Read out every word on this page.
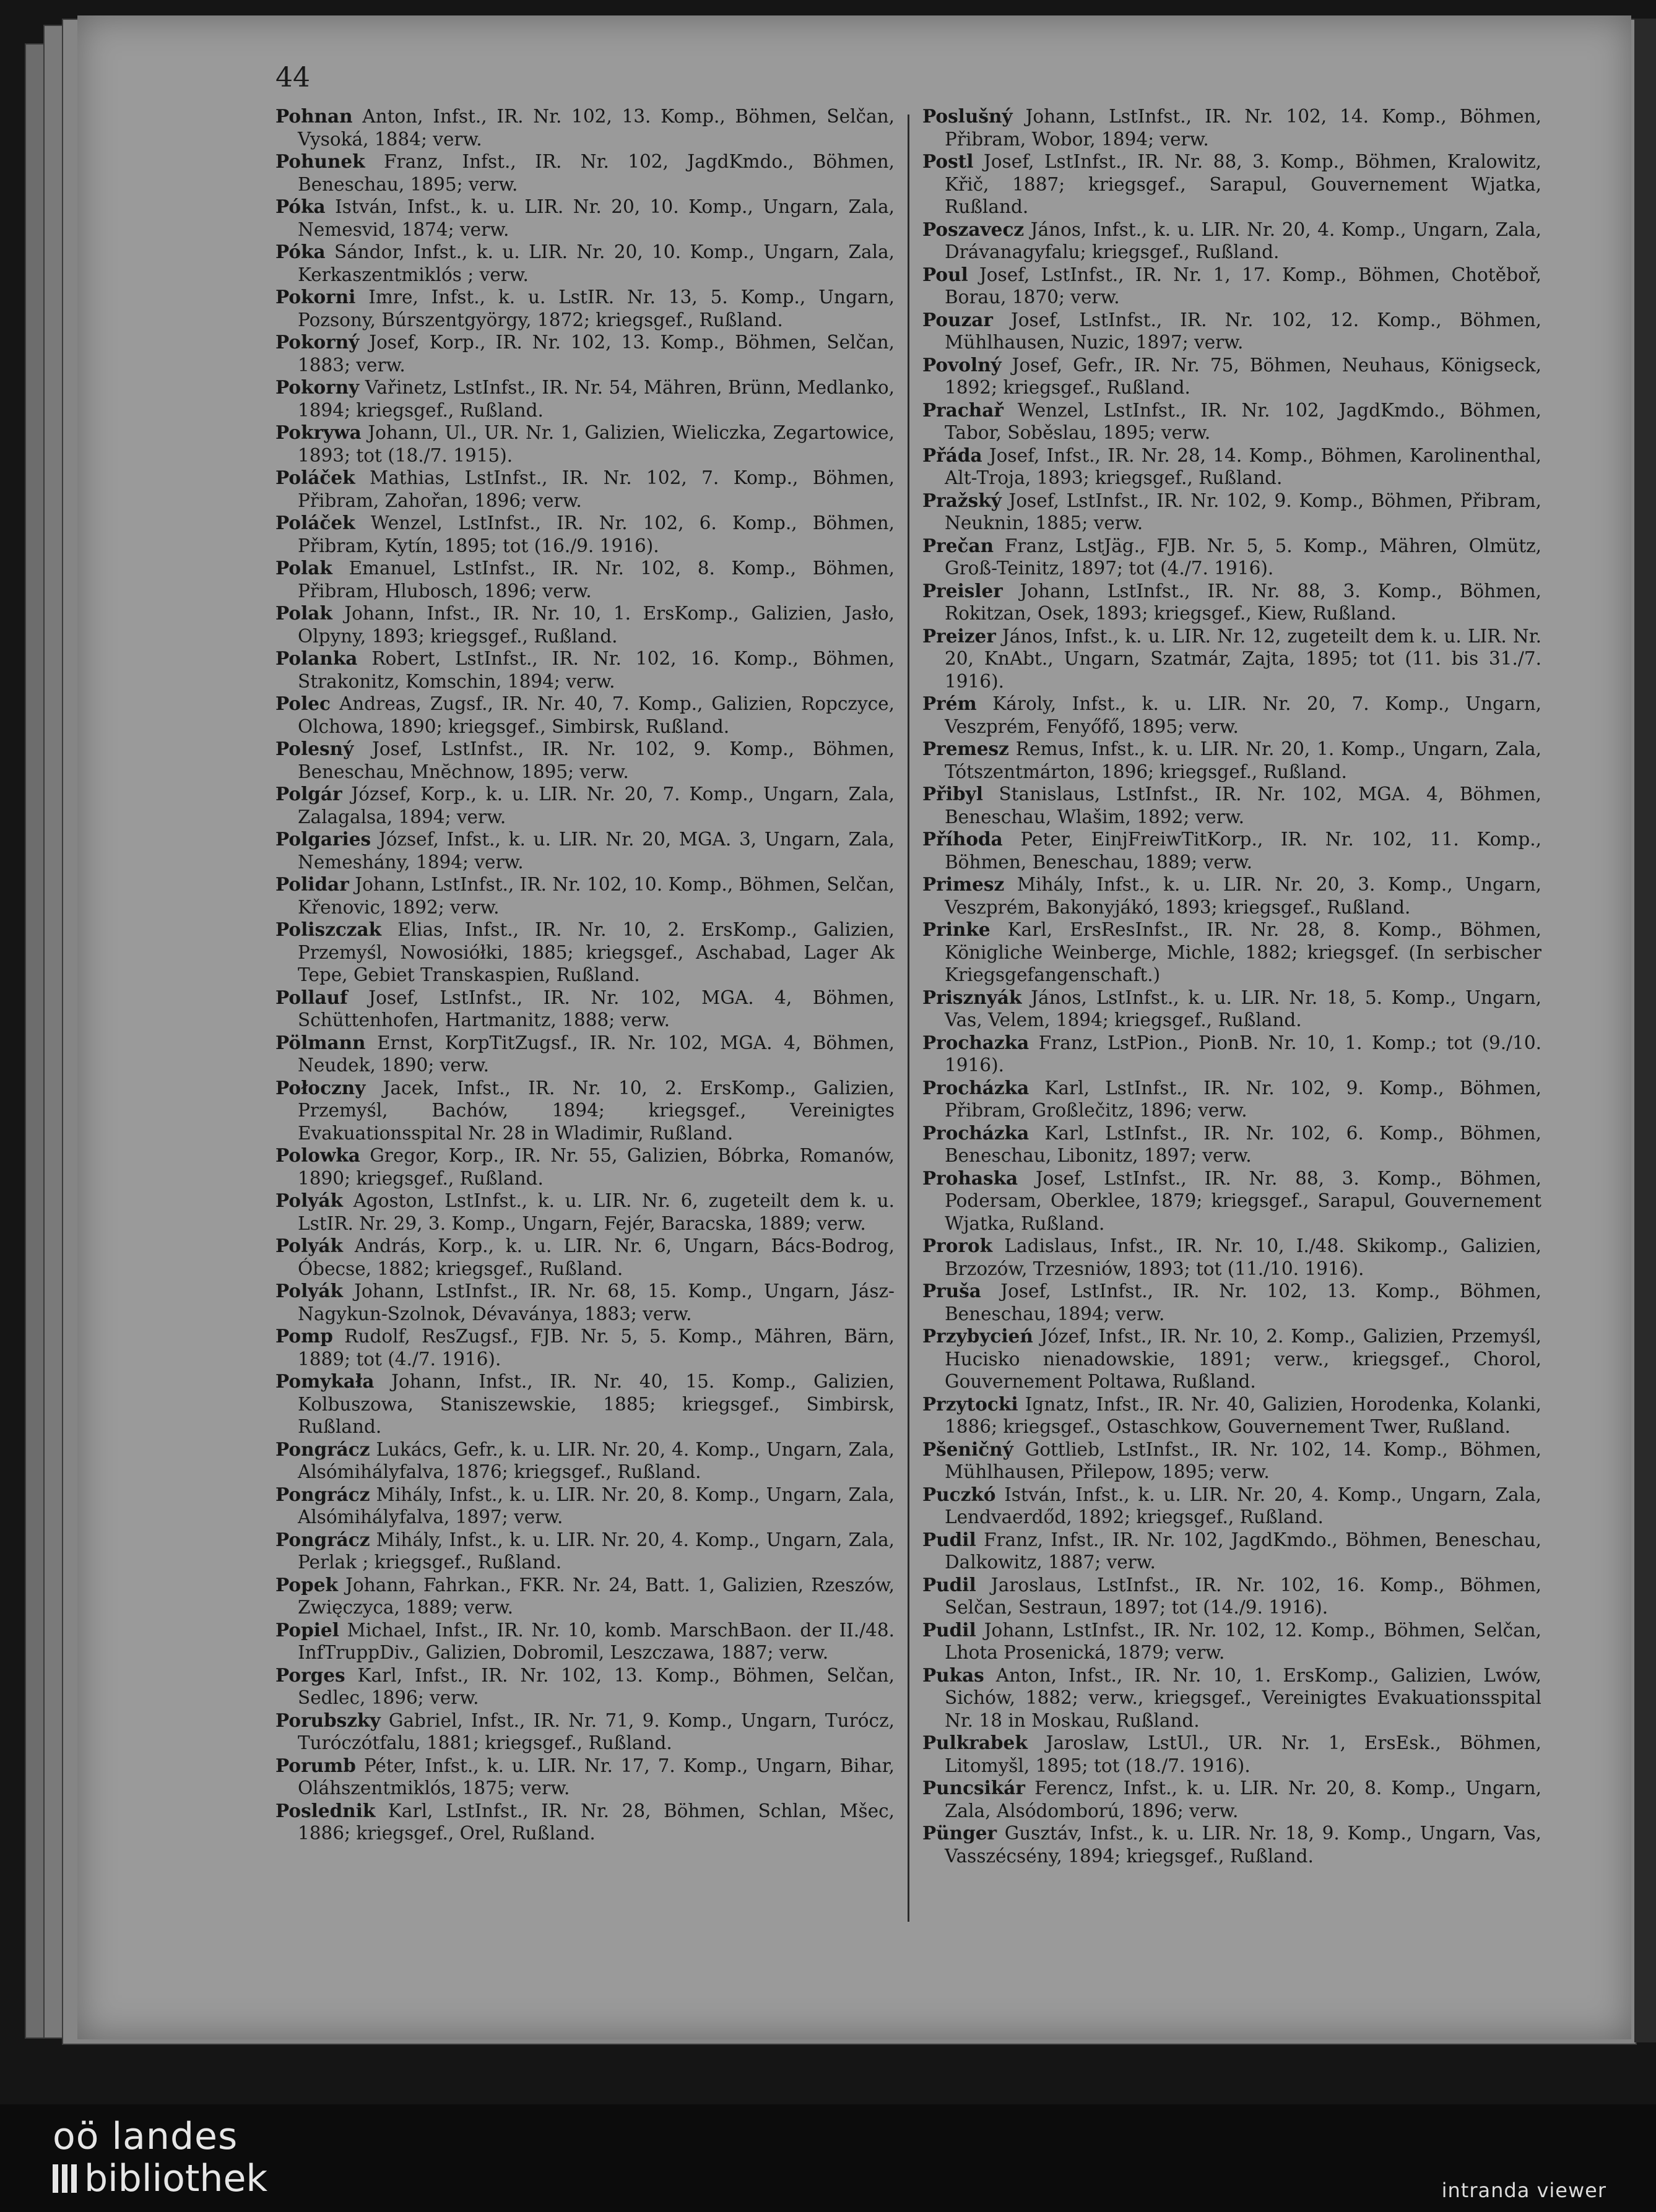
44
Pohnan Anton, Infst., IR. Nr. 102, 13. Komp., Böhmen, Selčan, Vysoká, 1884; verw.
Pohunek Franz, Infst., IR. Nr. 102, JagdKmdo., Böhmen, Beneschau, 1895; verw.
Póka István, Infst., k. u. LIR. Nr. 20, 10. Komp., Ungarn, Zala, Nemesvid, 1874; verw.
Póka Sándor, Infst., k. u. LIR. Nr. 20, 10. Komp., Ungarn, Zala, Kerkaszentmiklós ; verw.
Pokorni Imre, Infst., k. u. LstIR. Nr. 13, 5. Komp., Ungarn, Pozsony, Búrszentgyörgy, 1872; kriegsgef., Rußland.
Pokorný Josef, Korp., IR. Nr. 102, 13. Komp., Böhmen, Selčan, 1883; verw.
Pokorny Vařinetz, LstInfst., IR. Nr. 54, Mähren, Brünn, Medlanko, 1894; kriegsgef., Rußland.
Pokrywa Johann, Ul., UR. Nr. 1, Galizien, Wieliczka, Zegartowice, 1893; tot (18./7. 1915).
Poláček Mathias, LstInfst., IR. Nr. 102, 7. Komp., Böhmen, Přibram, Zahořan, 1896; verw.
Poláček Wenzel, LstInfst., IR. Nr. 102, 6. Komp., Böhmen, Přibram, Kytín, 1895; tot (16./9. 1916).
Polak Emanuel, LstInfst., IR. Nr. 102, 8. Komp., Böhmen, Přibram, Hlubosch, 1896; verw.
Polak Johann, Infst., IR. Nr. 10, 1. ErsKomp., Galizien, Jasło, Olpyny, 1893; kriegsgef., Rußland.
Polanka Robert, LstInfst., IR. Nr. 102, 16. Komp., Böhmen, Strakonitz, Komschin, 1894; verw.
Polec Andreas, Zugsf., IR. Nr. 40, 7. Komp., Galizien, Ropczyce, Olchowa, 1890; kriegsgef., Simbirsk, Rußland.
Polesný Josef, LstInfst., IR. Nr. 102, 9. Komp., Böhmen, Beneschau, Mnĕchnow, 1895; verw.
Polgár József, Korp., k. u. LIR. Nr. 20, 7. Komp., Ungarn, Zala, Zalagalsa, 1894; verw.
Polgaries József, Infst., k. u. LIR. Nr. 20, MGA. 3, Ungarn, Zala, Nemeshány, 1894; verw.
Polidar Johann, LstInfst., IR. Nr. 102, 10. Komp., Böhmen, Selčan, Křenovic, 1892; verw.
Poliszczak Elias, Infst., IR. Nr. 10, 2. ErsKomp., Galizien, Przemyśl, Nowosiółki, 1885; kriegsgef., Aschabad, Lager Ak Tepe, Gebiet Transkaspien, Rußland.
Pollauf Josef, LstInfst., IR. Nr. 102, MGA. 4, Böhmen, Schüttenhofen, Hartmanitz, 1888; verw.
Pölmann Ernst, KorpTitZugsf., IR. Nr. 102, MGA. 4, Böhmen, Neudek, 1890; verw.
Połoczny Jacek, Infst., IR. Nr. 10, 2. ErsKomp., Galizien, Przemyśl, Bachów, 1894; kriegsgef., Vereinigtes Evakuationsspital Nr. 28 in Wladimir, Rußland.
Polowka Gregor, Korp., IR. Nr. 55, Galizien, Bóbrka, Romanów, 1890; kriegsgef., Rußland.
Polyák Agoston, LstInfst., k. u. LIR. Nr. 6, zugeteilt dem k. u. LstIR. Nr. 29, 3. Komp., Ungarn, Fejér, Baracska, 1889; verw.
Polyák András, Korp., k. u. LIR. Nr. 6, Ungarn, Bács-Bodrog, Óbecse, 1882; kriegsgef., Rußland.
Polyák Johann, LstInfst., IR. Nr. 68, 15. Komp., Ungarn, Jász-Nagykun-Szolnok, Dévaványa, 1883; verw.
Pomp Rudolf, ResZugsf., FJB. Nr. 5, 5. Komp., Mähren, Bärn, 1889; tot (4./7. 1916).
Pomykała Johann, Infst., IR. Nr. 40, 15. Komp., Galizien, Kolbuszowa, Staniszewskie, 1885; kriegsgef., Simbirsk, Rußland.
Pongrácz Lukács, Gefr., k. u. LIR. Nr. 20, 4. Komp., Ungarn, Zala, Alsómihályfalva, 1876; kriegsgef., Rußland.
Pongrácz Mihály, Infst., k. u. LIR. Nr. 20, 8. Komp., Ungarn, Zala, Alsómihályfalva, 1897; verw.
Pongrácz Mihály, Infst., k. u. LIR. Nr. 20, 4. Komp., Ungarn, Zala, Perlak ; kriegsgef., Rußland.
Popek Johann, Fahrkan., FKR. Nr. 24, Batt. 1, Galizien, Rzeszów, Zwięczyca, 1889; verw.
Popiel Michael, Infst., IR. Nr. 10, komb. MarschBaon. der II./48. InfTruppDiv., Galizien, Dobromil, Leszczawa, 1887; verw.
Porges Karl, Infst., IR. Nr. 102, 13. Komp., Böhmen, Selčan, Sedlec, 1896; verw.
Porubszky Gabriel, Infst., IR. Nr. 71, 9. Komp., Ungarn, Turócz, Turóczótfalu, 1881; kriegsgef., Rußland.
Porumb Péter, Infst., k. u. LIR. Nr. 17, 7. Komp., Ungarn, Bihar, Oláhszentmiklós, 1875; verw.
Poslednik Karl, LstInfst., IR. Nr. 28, Böhmen, Schlan, Mšec, 1886; kriegsgef., Orel, Rußland.
Poslušný Johann, LstInfst., IR. Nr. 102, 14. Komp., Böhmen, Přibram, Wobor, 1894; verw.
Postl Josef, LstInfst., IR. Nr. 88, 3. Komp., Böhmen, Kralowitz, Křič, 1887; kriegsgef., Sarapul, Gouvernement Wjatka, Rußland.
Poszavecz János, Infst., k. u. LIR. Nr. 20, 4. Komp., Ungarn, Zala, Drávanagyfalu; kriegsgef., Rußland.
Poul Josef, LstInfst., IR. Nr. 1, 17. Komp., Böhmen, Chotěboř, Borau, 1870; verw.
Pouzar Josef, LstInfst., IR. Nr. 102, 12. Komp., Böhmen, Mühlhausen, Nuzic, 1897; verw.
Povolný Josef, Gefr., IR. Nr. 75, Böhmen, Neuhaus, Königseck, 1892; kriegsgef., Rußland.
Prachař Wenzel, LstInfst., IR. Nr. 102, JagdKmdo., Böhmen, Tabor, Soběslau, 1895; verw.
Přáda Josef, Infst., IR. Nr. 28, 14. Komp., Böhmen, Karolinenthal, Alt-Troja, 1893; kriegsgef., Rußland.
Pražský Josef, LstInfst., IR. Nr. 102, 9. Komp., Böhmen, Přibram, Neuknin, 1885; verw.
Prečan Franz, LstJäg., FJB. Nr. 5, 5. Komp., Mähren, Olmütz, Groß-Teinitz, 1897; tot (4./7. 1916).
Preisler Johann, LstInfst., IR. Nr. 88, 3. Komp., Böhmen, Rokitzan, Osek, 1893; kriegsgef., Kiew, Rußland.
Preizer János, Infst., k. u. LIR. Nr. 12, zugeteilt dem k. u. LIR. Nr. 20, KnAbt., Ungarn, Szatmár, Zajta, 1895; tot (11. bis 31./7. 1916).
Prém Károly, Infst., k. u. LIR. Nr. 20, 7. Komp., Ungarn, Veszprém, Fenyőfő, 1895; verw.
Premesz Remus, Infst., k. u. LIR. Nr. 20, 1. Komp., Ungarn, Zala, Tótszentmárton, 1896; kriegsgef., Rußland.
Přibyl Stanislaus, LstInfst., IR. Nr. 102, MGA. 4, Böhmen, Beneschau, Wlašim, 1892; verw.
Příhoda Peter, EinjFreiwTitKorp., IR. Nr. 102, 11. Komp., Böhmen, Beneschau, 1889; verw.
Primesz Mihály, Infst., k. u. LIR. Nr. 20, 3. Komp., Ungarn, Veszprém, Bakonyjákó, 1893; kriegsgef., Rußland.
Prinke Karl, ErsResInfst., IR. Nr. 28, 8. Komp., Böhmen, Königliche Weinberge, Michle, 1882; kriegsgef. (In serbischer Kriegsgefangenschaft.)
Prisznyák János, LstInfst., k. u. LIR. Nr. 18, 5. Komp., Ungarn, Vas, Velem, 1894; kriegsgef., Rußland.
Prochazka Franz, LstPion., PionB. Nr. 10, 1. Komp.; tot (9./10. 1916).
Procházka Karl, LstInfst., IR. Nr. 102, 9. Komp., Böhmen, Přibram, Großlečitz, 1896; verw.
Procházka Karl, LstInfst., IR. Nr. 102, 6. Komp., Böhmen, Beneschau, Libonitz, 1897; verw.
Prohaska Josef, LstInfst., IR. Nr. 88, 3. Komp., Böhmen, Podersam, Oberklee, 1879; kriegsgef., Sarapul, Gouvernement Wjatka, Rußland.
Prorok Ladislaus, Infst., IR. Nr. 10, I./48. Skikomp., Galizien, Brzozów, Trzesniów, 1893; tot (11./10. 1916).
Pruša Josef, LstInfst., IR. Nr. 102, 13. Komp., Böhmen, Beneschau, 1894; verw.
Przybycień Józef, Infst., IR. Nr. 10, 2. Komp., Galizien, Przemyśl, Hucisko nienadowskie, 1891; verw., kriegsgef., Chorol, Gouvernement Poltawa, Rußland.
Przytocki Ignatz, Infst., IR. Nr. 40, Galizien, Horodenka, Kolanki, 1886; kriegsgef., Ostaschkow, Gouvernement Twer, Rußland.
Pšeničný Gottlieb, LstInfst., IR. Nr. 102, 14. Komp., Böhmen, Mühlhausen, Přilepow, 1895; verw.
Puczkó István, Infst., k. u. LIR. Nr. 20, 4. Komp., Ungarn, Zala, Lendvaerdőd, 1892; kriegsgef., Rußland.
Pudil Franz, Infst., IR. Nr. 102, JagdKmdo., Böhmen, Beneschau, Dalkowitz, 1887; verw.
Pudil Jaroslaus, LstInfst., IR. Nr. 102, 16. Komp., Böhmen, Selčan, Sestraun, 1897; tot (14./9. 1916).
Pudil Johann, LstInfst., IR. Nr. 102, 12. Komp., Böhmen, Selčan, Lhota Prosenická, 1879; verw.
Pukas Anton, Infst., IR. Nr. 10, 1. ErsKomp., Galizien, Lwów, Sichów, 1882; verw., kriegsgef., Vereinigtes Evakuationsspital Nr. 18 in Moskau, Rußland.
Pulkrabek Jaroslaw, LstUl., UR. Nr. 1, ErsEsk., Böhmen, Litomyšl, 1895; tot (18./7. 1916).
Puncsikár Ferencz, Infst., k. u. LIR. Nr. 20, 8. Komp., Ungarn, Zala, Alsódomború, 1896; verw.
Pünger Gusztáv, Infst., k. u. LIR. Nr. 18, 9. Komp., Ungarn, Vas, Vasszécsény, 1894; kriegsgef., Rußland.
oö landes
bibliothek	intranda viewer
